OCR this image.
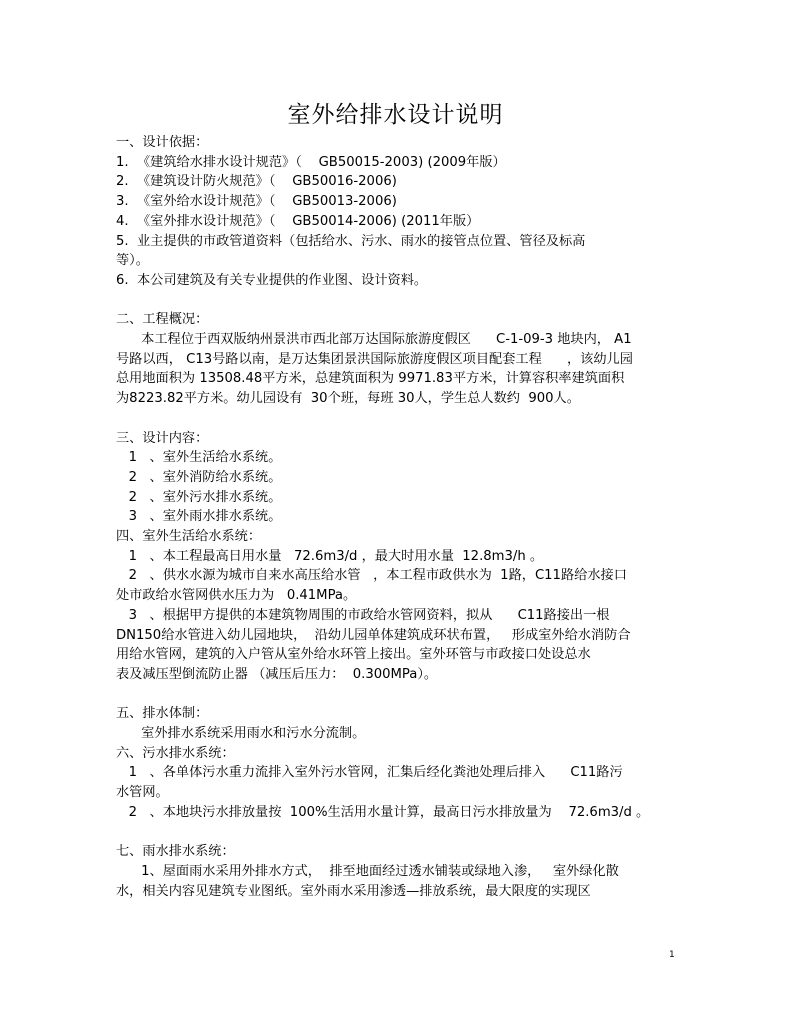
室外给排水设计说明
一、设计依据：
1.  《建筑给水排水设计规范》（    GB50015-2003) (2009年版）
2.  《建筑设计防火规范》（    GB50016-2006)
3.  《室外给水设计规范》（    GB50013-2006)
4.  《室外排水设计规范》（    GB50014-2006) (2011年版）
5.  业主提供的市政管道资料（包括给水、污水、雨水的接管点位置、管径及标高
等）。
6.  本公司建筑及有关专业提供的作业图、设计资料。
二、工程概况：
本工程位于西双版纳州景洪市西北部万达国际旅游度假区      C-1-09-3 地块内， A1
号路以西， C13号路以南，是万达集团景洪国际旅游度假区项目配套工程      ，该幼儿园
总用地面积为 13508.48平方米，总建筑面积为 9971.83平方米，计算容积率建筑面积
为8223.82平方米。幼儿园设有  30个班，每班 30人，学生总人数约  900人。
三、设计内容：
1   、室外生活给水系统。
2   、室外消防给水系统。
2   、室外污水排水系统。
3   、室外雨水排水系统。
四、室外生活给水系统：
1   、本工程最高日用水量   72.6m3/d ，最大时用水量  12.8m3/h 。
2   、供水水源为城市自来水高压给水管   ，本工程市政供水为  1路，C11路给水接口
处市政给水管网供水压力为   0.41MPa。
3   、根据甲方提供的本建筑物周围的市政给水管网资料，拟从      C11路接出一根
DN150给水管进入幼儿园地块，  沿幼儿园单体建筑成环状布置，   形成室外给水消防合
用给水管网，建筑的入户管从室外给水环管上接出。室外环管与市政接口处设总水
表及减压型倒流防止器 （减压后压力：  0.300MPa）。
五、排水体制：
室外排水系统采用雨水和污水分流制。
六、污水排水系统：
1   、各单体污水重力流排入室外污水管网，汇集后经化粪池处理后排入      C11路污
水管网。
2   、本地块污水排放量按  100%生活用水量计算，最高日污水排放量为    72.6m3/d 。
七、雨水排水系统：
1、屋面雨水采用外排水方式，  排至地面经过透水铺装或绿地入渗，   室外绿化散
水，相关内容见建筑专业图纸。室外雨水采用渗透—排放系统，最大限度的实现区
1
